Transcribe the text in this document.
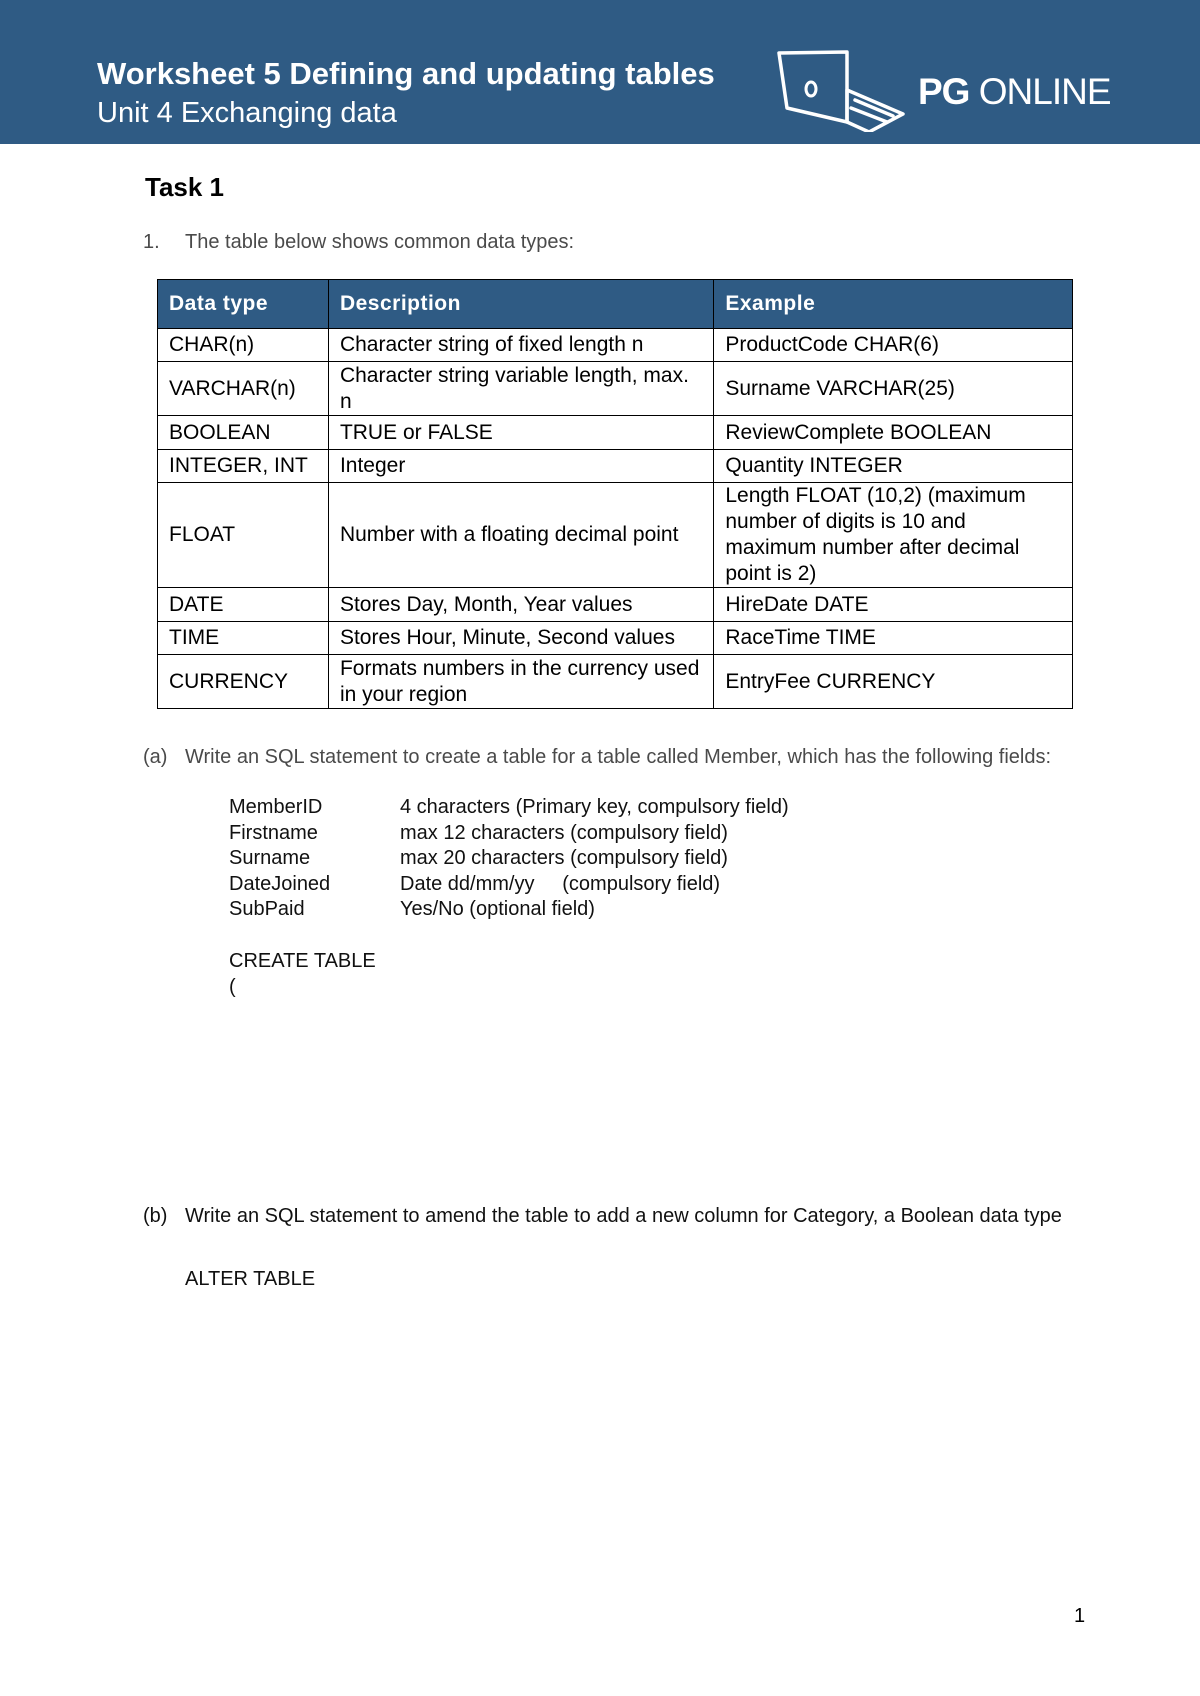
Worksheet 5 Defining and updating tables
Unit 4 Exchanging data
PG ONLINE
Task 1
1. The table below shows common data types:
Data type	Description	Example
CHAR(n)	Character string of fixed length n	ProductCode CHAR(6)
VARCHAR(n)	Character string variable length, max. n	Surname VARCHAR(25)
BOOLEAN	TRUE or FALSE	ReviewComplete BOOLEAN
INTEGER, INT	Integer	Quantity INTEGER
FLOAT	Number with a floating decimal point	Length FLOAT (10,2) (maximum number of digits is 10 and maximum number after decimal point is 2)
DATE	Stores Day, Month, Year values	HireDate DATE
TIME	Stores Hour, Minute, Second values	RaceTime TIME
CURRENCY	Formats numbers in the currency used in your region	EntryFee CURRENCY
(a) Write an SQL statement to create a table for a table called Member, which has the following fields:
MemberID	4 characters (Primary key, compulsory field)
Firstname	max 12 characters (compulsory field)
Surname	max 20 characters (compulsory field)
DateJoined	Date dd/mm/yy     (compulsory field)
SubPaid	Yes/No (optional field)
CREATE TABLE
(
(b) Write an SQL statement to amend the table to add a new column for Category, a Boolean data type
ALTER TABLE
1
